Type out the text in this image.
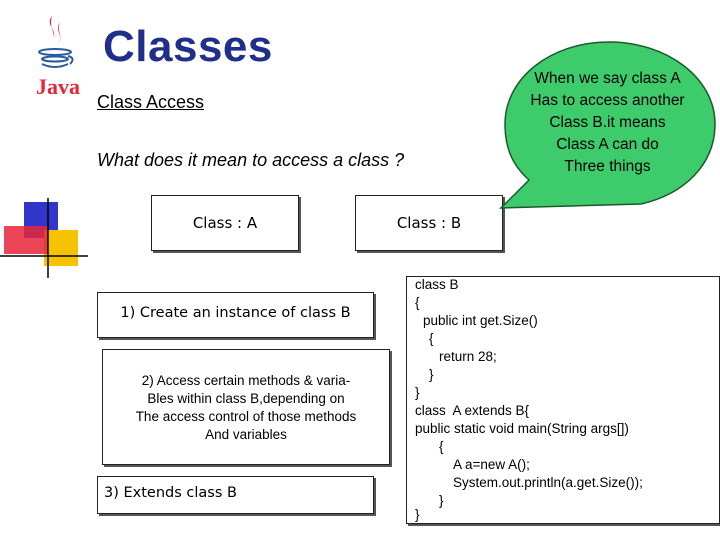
Java
Classes
Class Access
What does it mean to access a class ?
Class : A	Class : B
1) Create an instance of class B
2) Access certain methods & varia-
Bles within class B,depending on
The access control of those methods
And variables
3) Extends class B
When we say class A
Has to access another
Class B.it means
Class A can do
Three things
class B
{
public int get.Size()
{
return 28;
}
}
class  A extends B{
public static void main(String args[])
{
A a=new A();
System.out.println(a.get.Size());
}
}
